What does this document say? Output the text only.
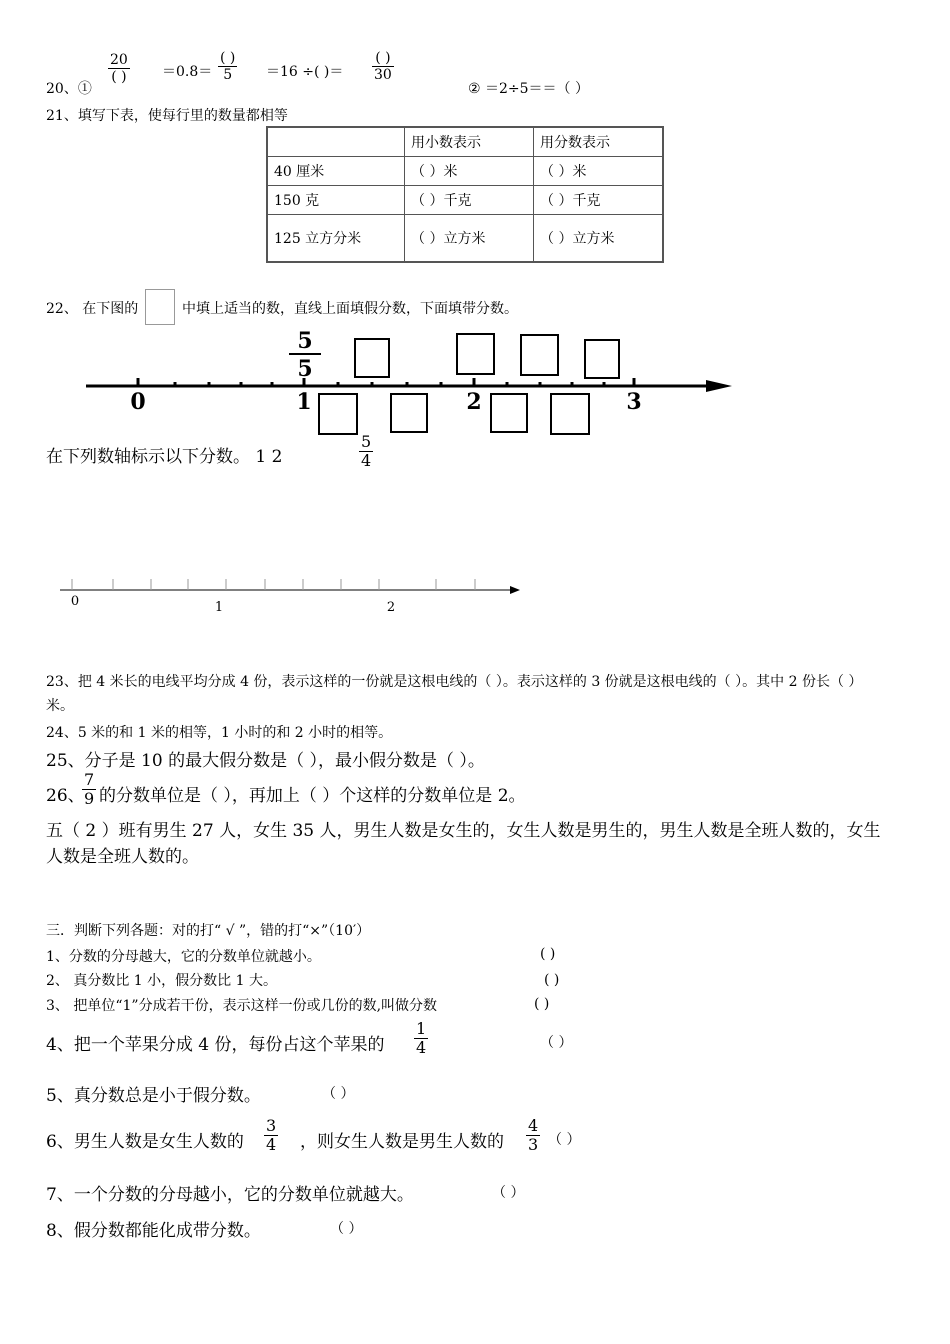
20、①
20
( )	＝0.8＝
( )
5	＝16 ÷( )＝
( )
30
② ＝2÷5＝＝（ ）
21、填写下表，使每行里的数量都相等
	用小数表示	用分数表示
40 厘米	（ ）米	（ ）米
150 克	（ ）千克	（ ）千克
125 立方分米	（ ）立方米	（ ）立方米
22、 在下图的	中填上适当的数，直线上面填假分数，下面填带分数。
0	1	2	3
5
5
在下列数轴标示以下分数。 1 2	$\frac{5}{4}$
0	1	2
23、把 4 米长的电线平均分成 4 份，表示这样的一份就是这根电线的（ ）。表示这样的 3 份就是这根电线的（ ）。其中 2 份长（ ）米。
24、5 米的和 1 米的相等，1 小时的和 2 小时的相等。
25、分子是 10 的最大假分数是（ ），最小假分数是（ ）。
26、
$\frac{7}{9}$ 的分数单位是（ ），再加上（ ）个这样的分数单位是 2。
五（ 2 ）班有男生 27 人，女生 35 人，男生人数是女生的，女生人数是男生的，男生人数是全班人数的，女生人数是全班人数的。
三．判断下列各题：对的打“ √ ”，错的打“×”（10′）
1、分数的分母越大，它的分数单位就越小。	( )
2、 真分数比 1 小，假分数比 1 大。	( )
3、 把单位“1”分成若干份，表示这样一份或几份的数,叫做分数	( )
4、把一个苹果分成 4 份，每份占这个苹果的 $\frac{1}{4}$	（ ）
5、真分数总是小于假分数。	（ ）
6、男生人数是女生人数的 $\frac{3}{4}$ ，则女生人数是男生人数的 $\frac{4}{3}$ （ ）
7、一个分数的分母越小，它的分数单位就越大。	（ ）
8、假分数都能化成带分数。	（ ）
